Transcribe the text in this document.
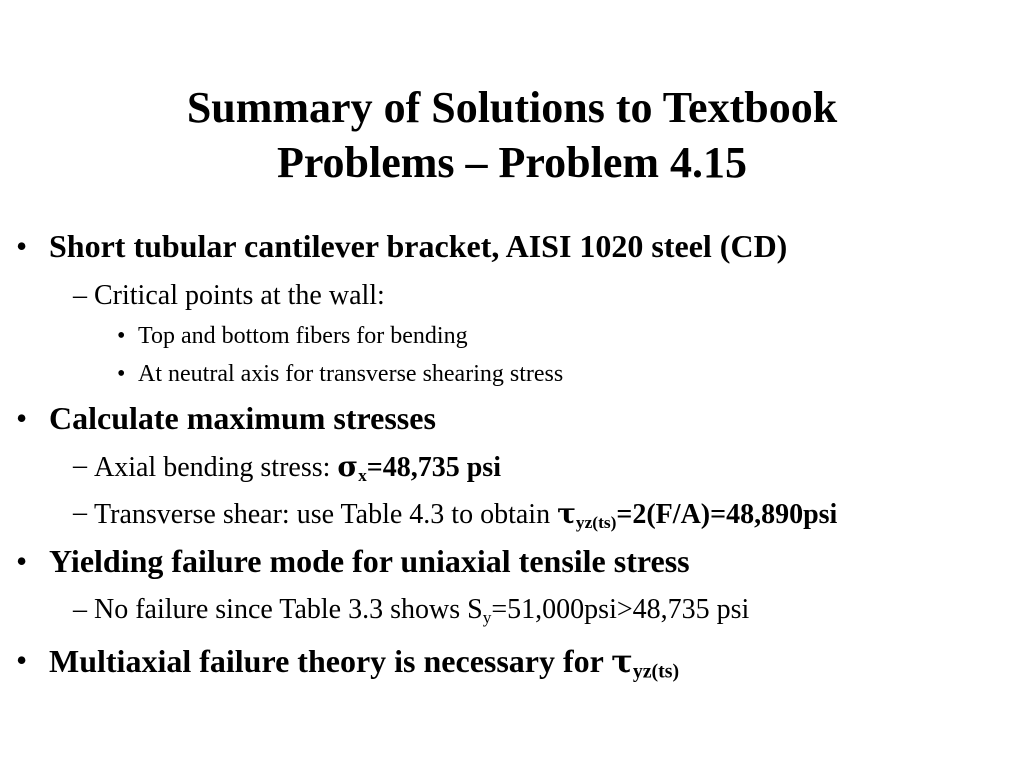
Summary of Solutions to Textbook
Problems – Problem 4.15
• Short tubular cantilever bracket, AISI 1020 steel (CD)
– Critical points at the wall:
• Top and bottom fibers for bending
• At neutral axis for transverse shearing stress
• Calculate maximum stresses
– Axial bending stress: $\sigma_x=48,735$ psi
– Transverse shear: use Table 4.3 to obtain $\tau_{yz(ts)}=2(F/A)=48,890psi$
• Yielding failure mode for uniaxial tensile stress
– No failure since Table 3.3 shows $S_y=51,000psi>48,735$ psi
• Multiaxial failure theory is necessary for $\tau_{yz(ts)}$
